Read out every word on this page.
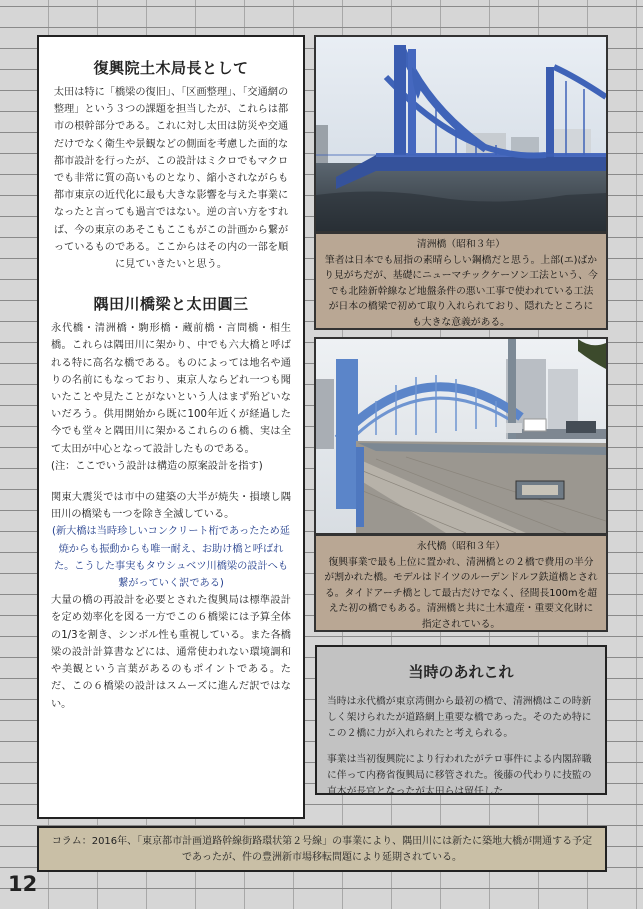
復興院土木局長として

太田は特に「橋梁の復旧」、「区画整理」、「交通網の整理」という３つの課題を担当したが、これらは都市の根幹部分である。これに対し太田は防災や交通だけでなく衛生や景観などの側面を考慮した面的な都市設計を行ったが、この設計はミクロでもマクロでも非常に質の高いものとなり、縮小されながらも都市東京の近代化に最も大きな影響を与えた事業になったと言っても過言ではない。逆の言い方をすれば、今の東京のあそこもここもがこの計画から繋がっているものである。ここからはその内の一部を順に見ていきたいと思う。

隅田川橋梁と太田圓三

永代橋・清洲橋・駒形橋・蔵前橋・言問橋・相生橋。これらは隅田川に架かり、中でも六大橋と呼ばれる特に高名な橋である。ものによっては地名や通りの名前にもなっており、東京人ならどれ一つも聞いたことや見たことがないという人はまず殆どいないだろう。供用開始から既に100年近くが経過した今でも堂々と隅田川に架かるこれらの６橋、実は全て太田が中心となって設計したものである。

(注：ここでいう設計は構造の原案設計を指す)

関東大震災では市中の建築の大半が焼失・損壊し隅田川の橋梁も一つを除き全滅している。

(新大橋は当時珍しいコンクリート桁であったため延焼からも振動からも唯一耐え、お助け橋と呼ばれた。こうした事実もタウシュベツ川橋梁の設計へも繋がっていく訳である)

大量の橋の再設計を必要とされた復興局は標準設計を定め効率化を図る一方でこの６橋梁には予算全体の1/3を割き、シンボル性も重視している。また各橋梁の設計計算書などには、通常使われない環境調和や美観という言葉があるのもポイントである。ただ、この６橋梁の設計はスムーズに進んだ訳ではない。

清洲橋（昭和３年）
筆者は日本でも屈指の素晴らしい鋼橋だと思う。上部(エ)ばかり見がちだが、基礎にニューマチックケーソン工法という、今でも北陸新幹線など地盤条件の悪い工事で使われている工法が日本の橋梁で初めて取り入れられており、隠れたところにも大きな意義がある。
永代橋（昭和３年）
復興事業で最も上位に置かれ、清洲橋との２橋で費用の半分が割かれた橋。モデルはドイツのルーデンドルフ鉄道橋とされる。タイドアーチ橋として最古だけでなく、径間長100mを超えた初の橋でもある。清洲橋と共に土木遺産・重要文化財に指定されている。
当時のあれこれ

当時は永代橋が東京湾側から最初の橋で、清洲橋はこの時新しく架けられたが道路網上重要な橋であった。そのため特にこの２橋に力が入れられたと考えられる。

事業は当初復興院により行われたがテロ事件による内閣辞職に伴って内務省復興局に移管された。後藤の代わりに技監の直木が長官となったが太田らは留任した

コラム：2016年、「東京都市計画道路幹線街路環状第２号線」の事業により、隅田川には新たに築地大橋が開通する予定であったが、件の豊洲新市場移転問題により延期されている。
12
